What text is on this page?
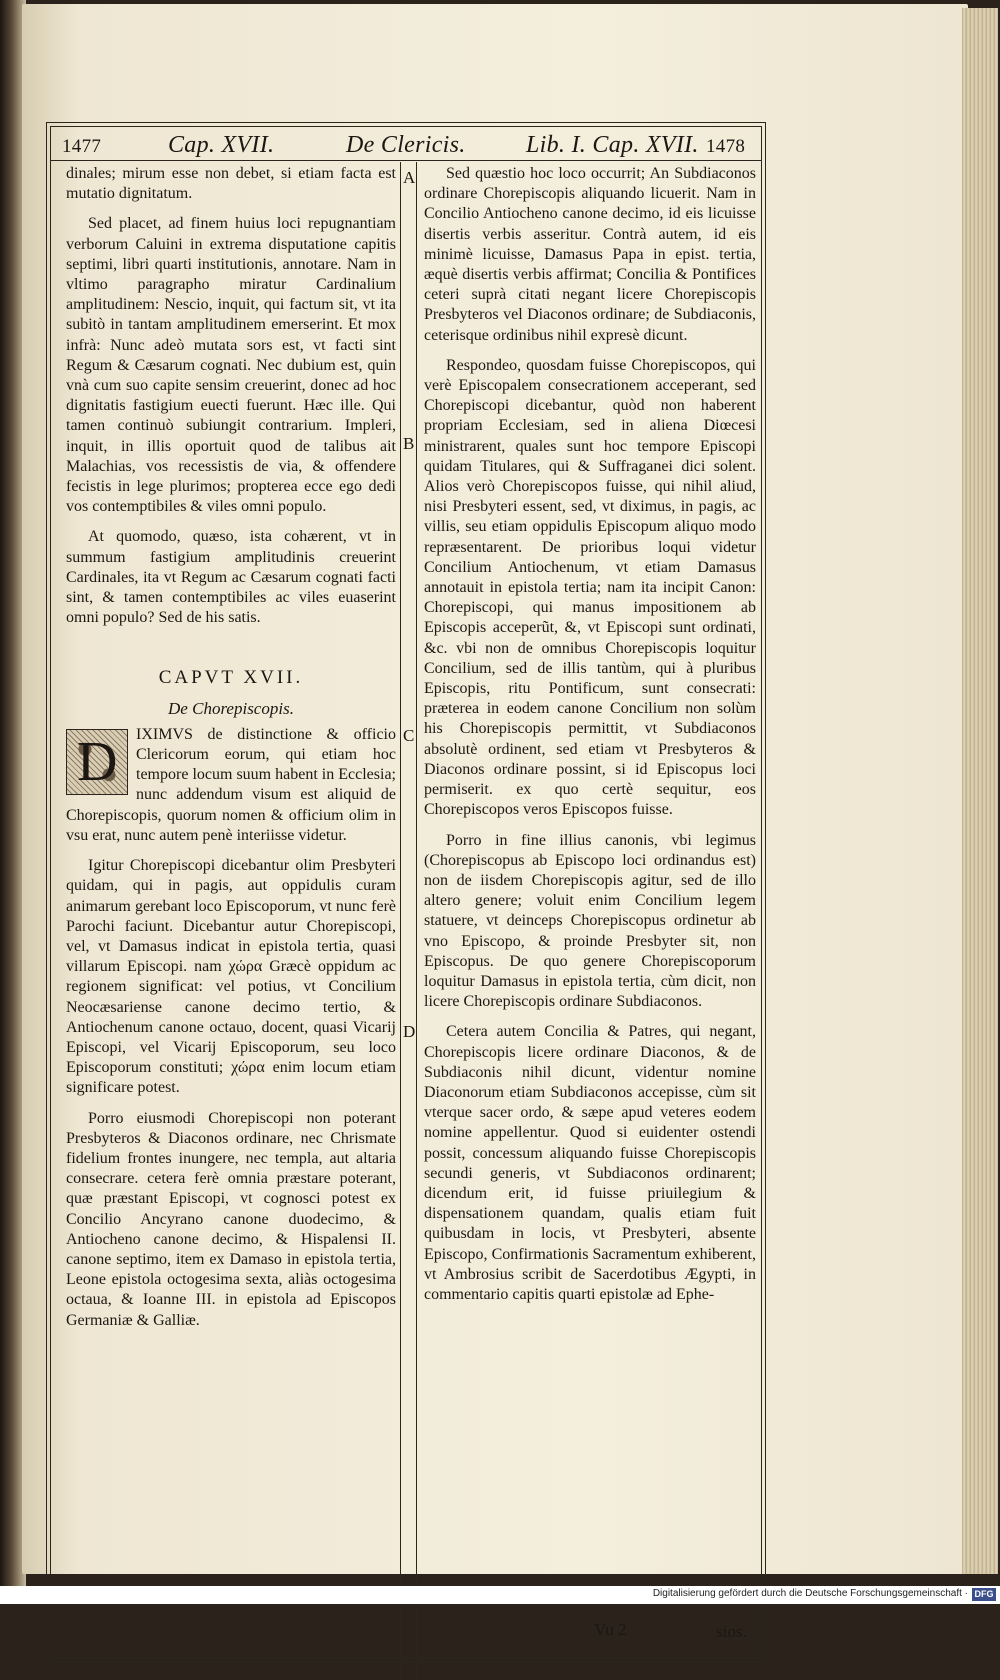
1477	Cap. XVII.	De Clericis.	Lib. I. Cap. XVII. 1478
A
B
C
D

dinales; mirum esse non debet, si etiam facta est mutatio dignitatum.

Sed placet, ad finem huius loci repugnantiam verborum Caluini in extrema disputatione capitis septimi, libri quarti institutionis, annotare. Nam in vltimo paragrapho miratur Cardinalium amplitudinem: Nescio, inquit, qui factum sit, vt ita subitò in tantam amplitudinem emerserint. Et mox infrà: Nunc adeò mutata sors est, vt facti sint Regum & Cæsarum cognati. Nec dubium est, quin vnà cum suo capite sensim creuerint, donec ad hoc dignitatis fastigium euecti fuerunt. Hæc ille. Qui tamen continuò subiungit contrarium. Impleri, inquit, in illis oportuit quod de talibus ait Malachias, vos recessistis de via, & offendere fecistis in lege plurimos; propterea ecce ego dedi vos contemptibiles & viles omni populo.

At quomodo, quæso, ista cohærent, vt in summum fastigium amplitudinis creuerint Cardinales, ita vt Regum ac Cæsarum cognati facti sint, & tamen contemptibiles ac viles euaserint omni populo? Sed de his satis.

CAPVT XVII.

De Chorepiscopis.

D	IXIMVS de distinctione & officio Clericorum eorum, qui etiam hoc tempore locum suum habent in Ecclesia; nunc addendum visum est aliquid de Chorepiscopis, quorum nomen & officium olim in vsu erat, nunc autem penè interiisse videtur.

Igitur Chorepiscopi dicebantur olim Presbyteri quidam, qui in pagis, aut oppidulis curam animarum gerebant loco Episcoporum, vt nunc ferè Parochi faciunt. Dicebantur autur Chorepiscopi, vel, vt Damasus indicat in epistola tertia, quasi villarum Episcopi. nam χώρα Græcè oppidum ac regionem significat: vel potius, vt Concilium Neocæsariense canone decimo tertio, & Antiochenum canone octauo, docent, quasi Vicarij Episcopi, vel Vicarij Episcoporum, seu loco Episcoporum constituti; χώρα enim locum etiam significare potest.

Porro eiusmodi Chorepiscopi non poterant Presbyteros & Diaconos ordinare, nec Chrismate fidelium frontes inungere, nec templa, aut altaria consecrare. cetera ferè omnia præstare poterant, quæ præstant Episcopi, vt cognosci potest ex Concilio Ancyrano canone duodecimo, & Antiocheno canone decimo, & Hispalensi II. canone septimo, item ex Damaso in epistola tertia, Leone epistola octogesima sexta, aliàs octogesima octaua, & Ioanne III. in epistola ad Episcopos Germaniæ & Galliæ.

Sed quæstio hoc loco occurrit; An Subdiaconos ordinare Chorepiscopis aliquando licuerit. Nam in Concilio Antiocheno canone decimo, id eis licuisse disertis verbis asseritur. Contrà autem, id eis minimè licuisse, Damasus Papa in epist. tertia, æquè disertis verbis affirmat; Concilia & Pontifices ceteri suprà citati negant licere Chorepiscopis Presbyteros vel Diaconos ordinare; de Subdiaconis, ceterisque ordinibus nihil expresè dicunt.

Respondeo, quosdam fuisse Chorepiscopos, qui verè Episcopalem consecrationem acceperant, sed Chorepiscopi dicebantur, quòd non haberent propriam Ecclesiam, sed in aliena Diœcesi ministrarent, quales sunt hoc tempore Episcopi quidam Titulares, qui & Suffraganei dici solent. Alios verò Chorepiscopos fuisse, qui nihil aliud, nisi Presbyteri essent, sed, vt diximus, in pagis, ac villis, seu etiam oppidulis Episcopum aliquo modo repræsentarent. De prioribus loqui videtur Concilium Antiochenum, vt etiam Damasus annotauit in epistola tertia; nam ita incipit Canon: Chorepiscopi, qui manus impositionem ab Episcopis acceperũt, &, vt Episcopi sunt ordinati, &c. vbi non de omnibus Chorepiscopis loquitur Concilium, sed de illis tantùm, qui à pluribus Episcopis, ritu Pontificum, sunt consecrati: præterea in eodem canone Concilium non solùm his Chorepiscopis permittit, vt Subdiaconos absolutè ordinent, sed etiam vt Presbyteros & Diaconos ordinare possint, si id Episcopus loci permiserit. ex quo certè sequitur, eos Chorepiscopos veros Episcopos fuisse.

Porro in fine illius canonis, vbi legimus (Chorepiscopus ab Episcopo loci ordinandus est) non de iisdem Chorepiscopis agitur, sed de illo altero genere; voluit enim Concilium legem statuere, vt deinceps Chorepiscopus ordinetur ab vno Episcopo, & proinde Presbyter sit, non Episcopus. De quo genere Chorepiscoporum loquitur Damasus in epistola tertia, cùm dicit, non licere Chorepiscopis ordinare Subdiaconos.

Cetera autem Concilia & Patres, qui negant, Chorepiscopis licere ordinare Diaconos, & de Subdiaconis nihil dicunt, videntur nomine Diaconorum etiam Subdiaconos accepisse, cùm sit vterque sacer ordo, & sæpe apud veteres eodem nomine appellentur. Quod si euidenter ostendi possit, concessum aliquando fuisse Chorepiscopis secundi generis, vt Subdiaconos ordinarent; dicendum erit, id fuisse priuilegium & dispensationem quandam, qualis etiam fuit quibusdam in locis, vt Presbyteri, absente Episcopo, Confirmationis Sacramentum exhiberent, vt Ambrosius scribit de Sacerdotibus Ægypti, in commentario capitis quarti epistolæ ad Ephe-

Vu 2	sios.
Digitalisierung gefördert durch die Deutsche Forschungsgemeinschaft · DFG
